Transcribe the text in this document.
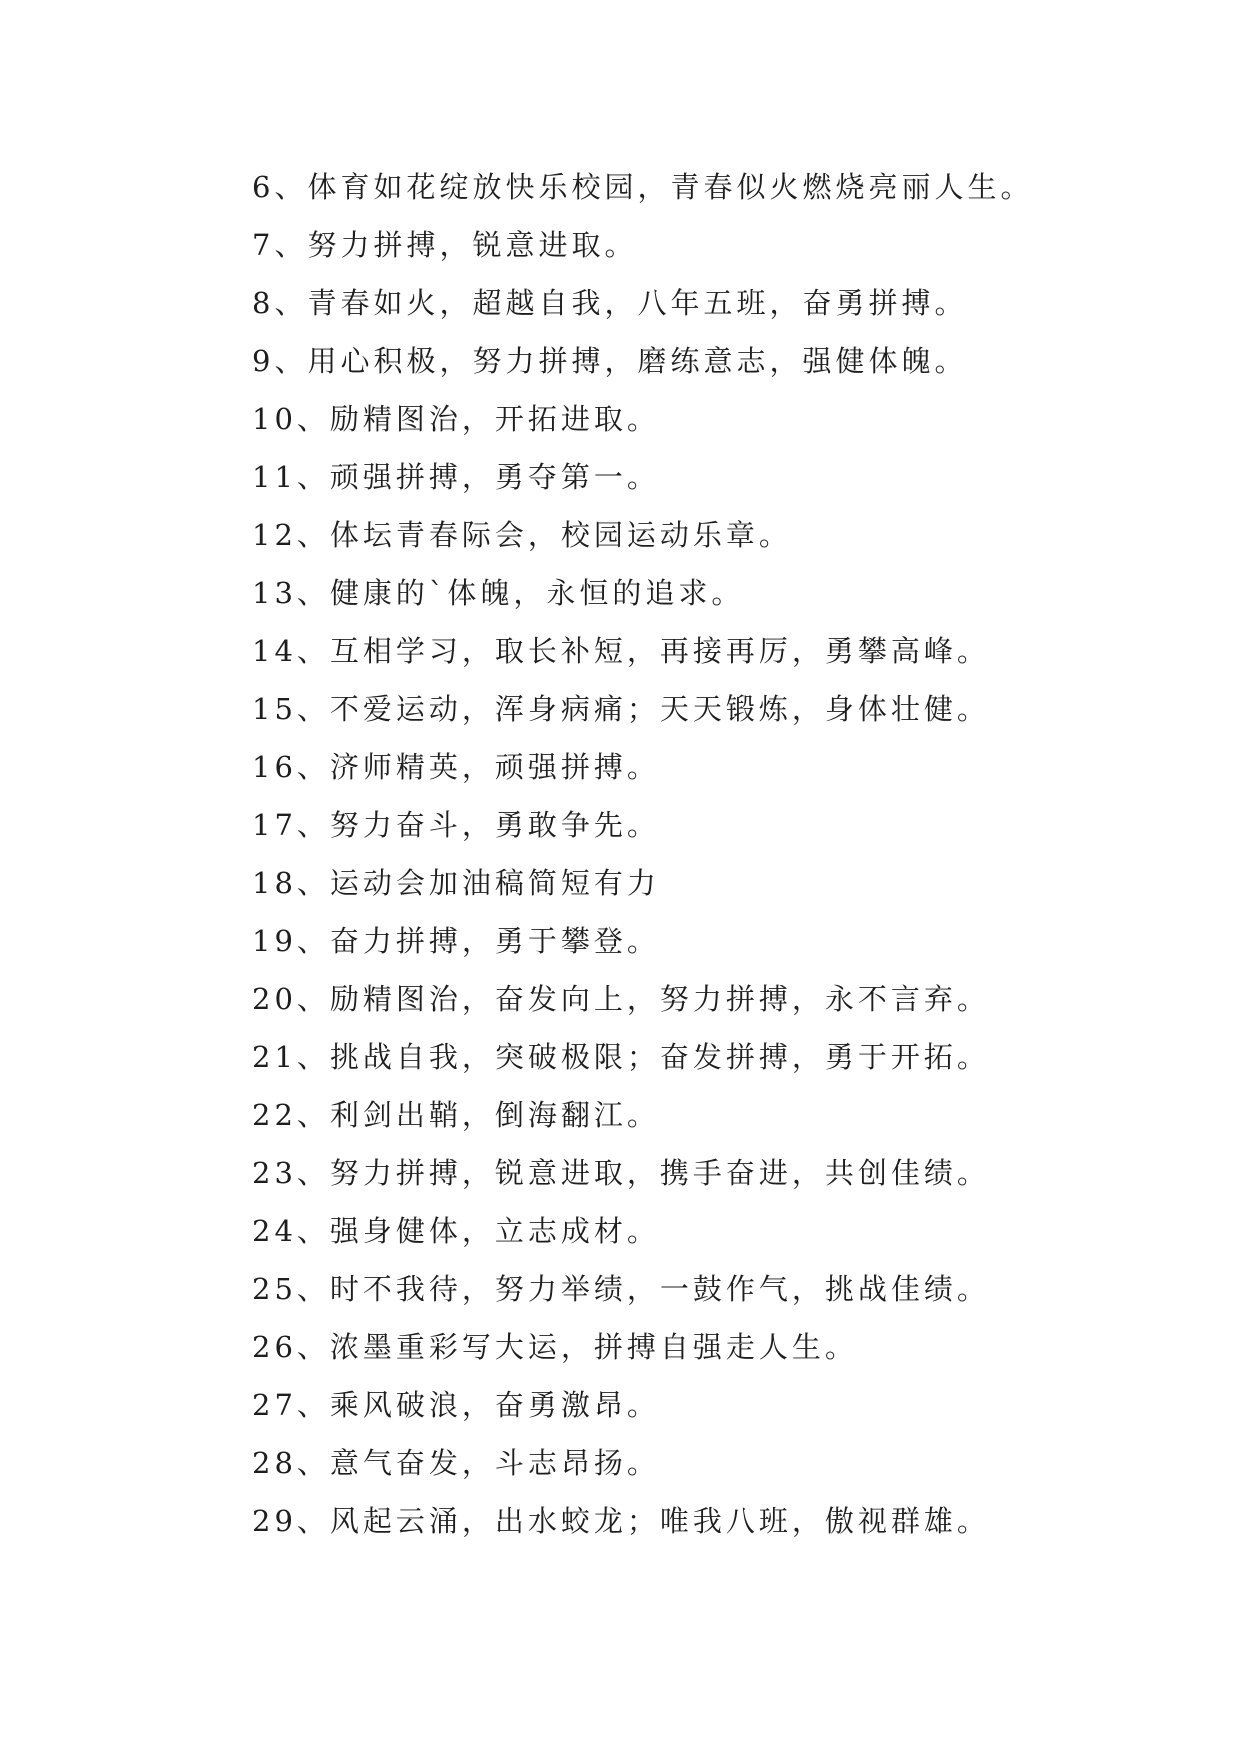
6、体育如花绽放快乐校园，青春似火燃烧亮丽人生。
7、努力拼搏，锐意进取。
8、青春如火，超越自我，八年五班，奋勇拼搏。
9、用心积极，努力拼搏，磨练意志，强健体魄。
10、励精图治，开拓进取。
11、顽强拼搏，勇夺第一。
12、体坛青春际会，校园运动乐章。
13、健康的`体魄，永恒的追求。
14、互相学习，取长补短，再接再厉，勇攀高峰。
15、不爱运动，浑身病痛；天天锻炼，身体壮健。
16、济师精英，顽强拼搏。
17、努力奋斗，勇敢争先。
18、运动会加油稿简短有力
19、奋力拼搏，勇于攀登。
20、励精图治，奋发向上，努力拼搏，永不言弃。
21、挑战自我，突破极限；奋发拼搏，勇于开拓。
22、利剑出鞘，倒海翻江。
23、努力拼搏，锐意进取，携手奋进，共创佳绩。
24、强身健体，立志成材。
25、时不我待，努力举绩，一鼓作气，挑战佳绩。
26、浓墨重彩写大运，拼搏自强走人生。
27、乘风破浪，奋勇激昂。
28、意气奋发，斗志昂扬。
29、风起云涌，出水蛟龙；唯我八班，傲视群雄。
